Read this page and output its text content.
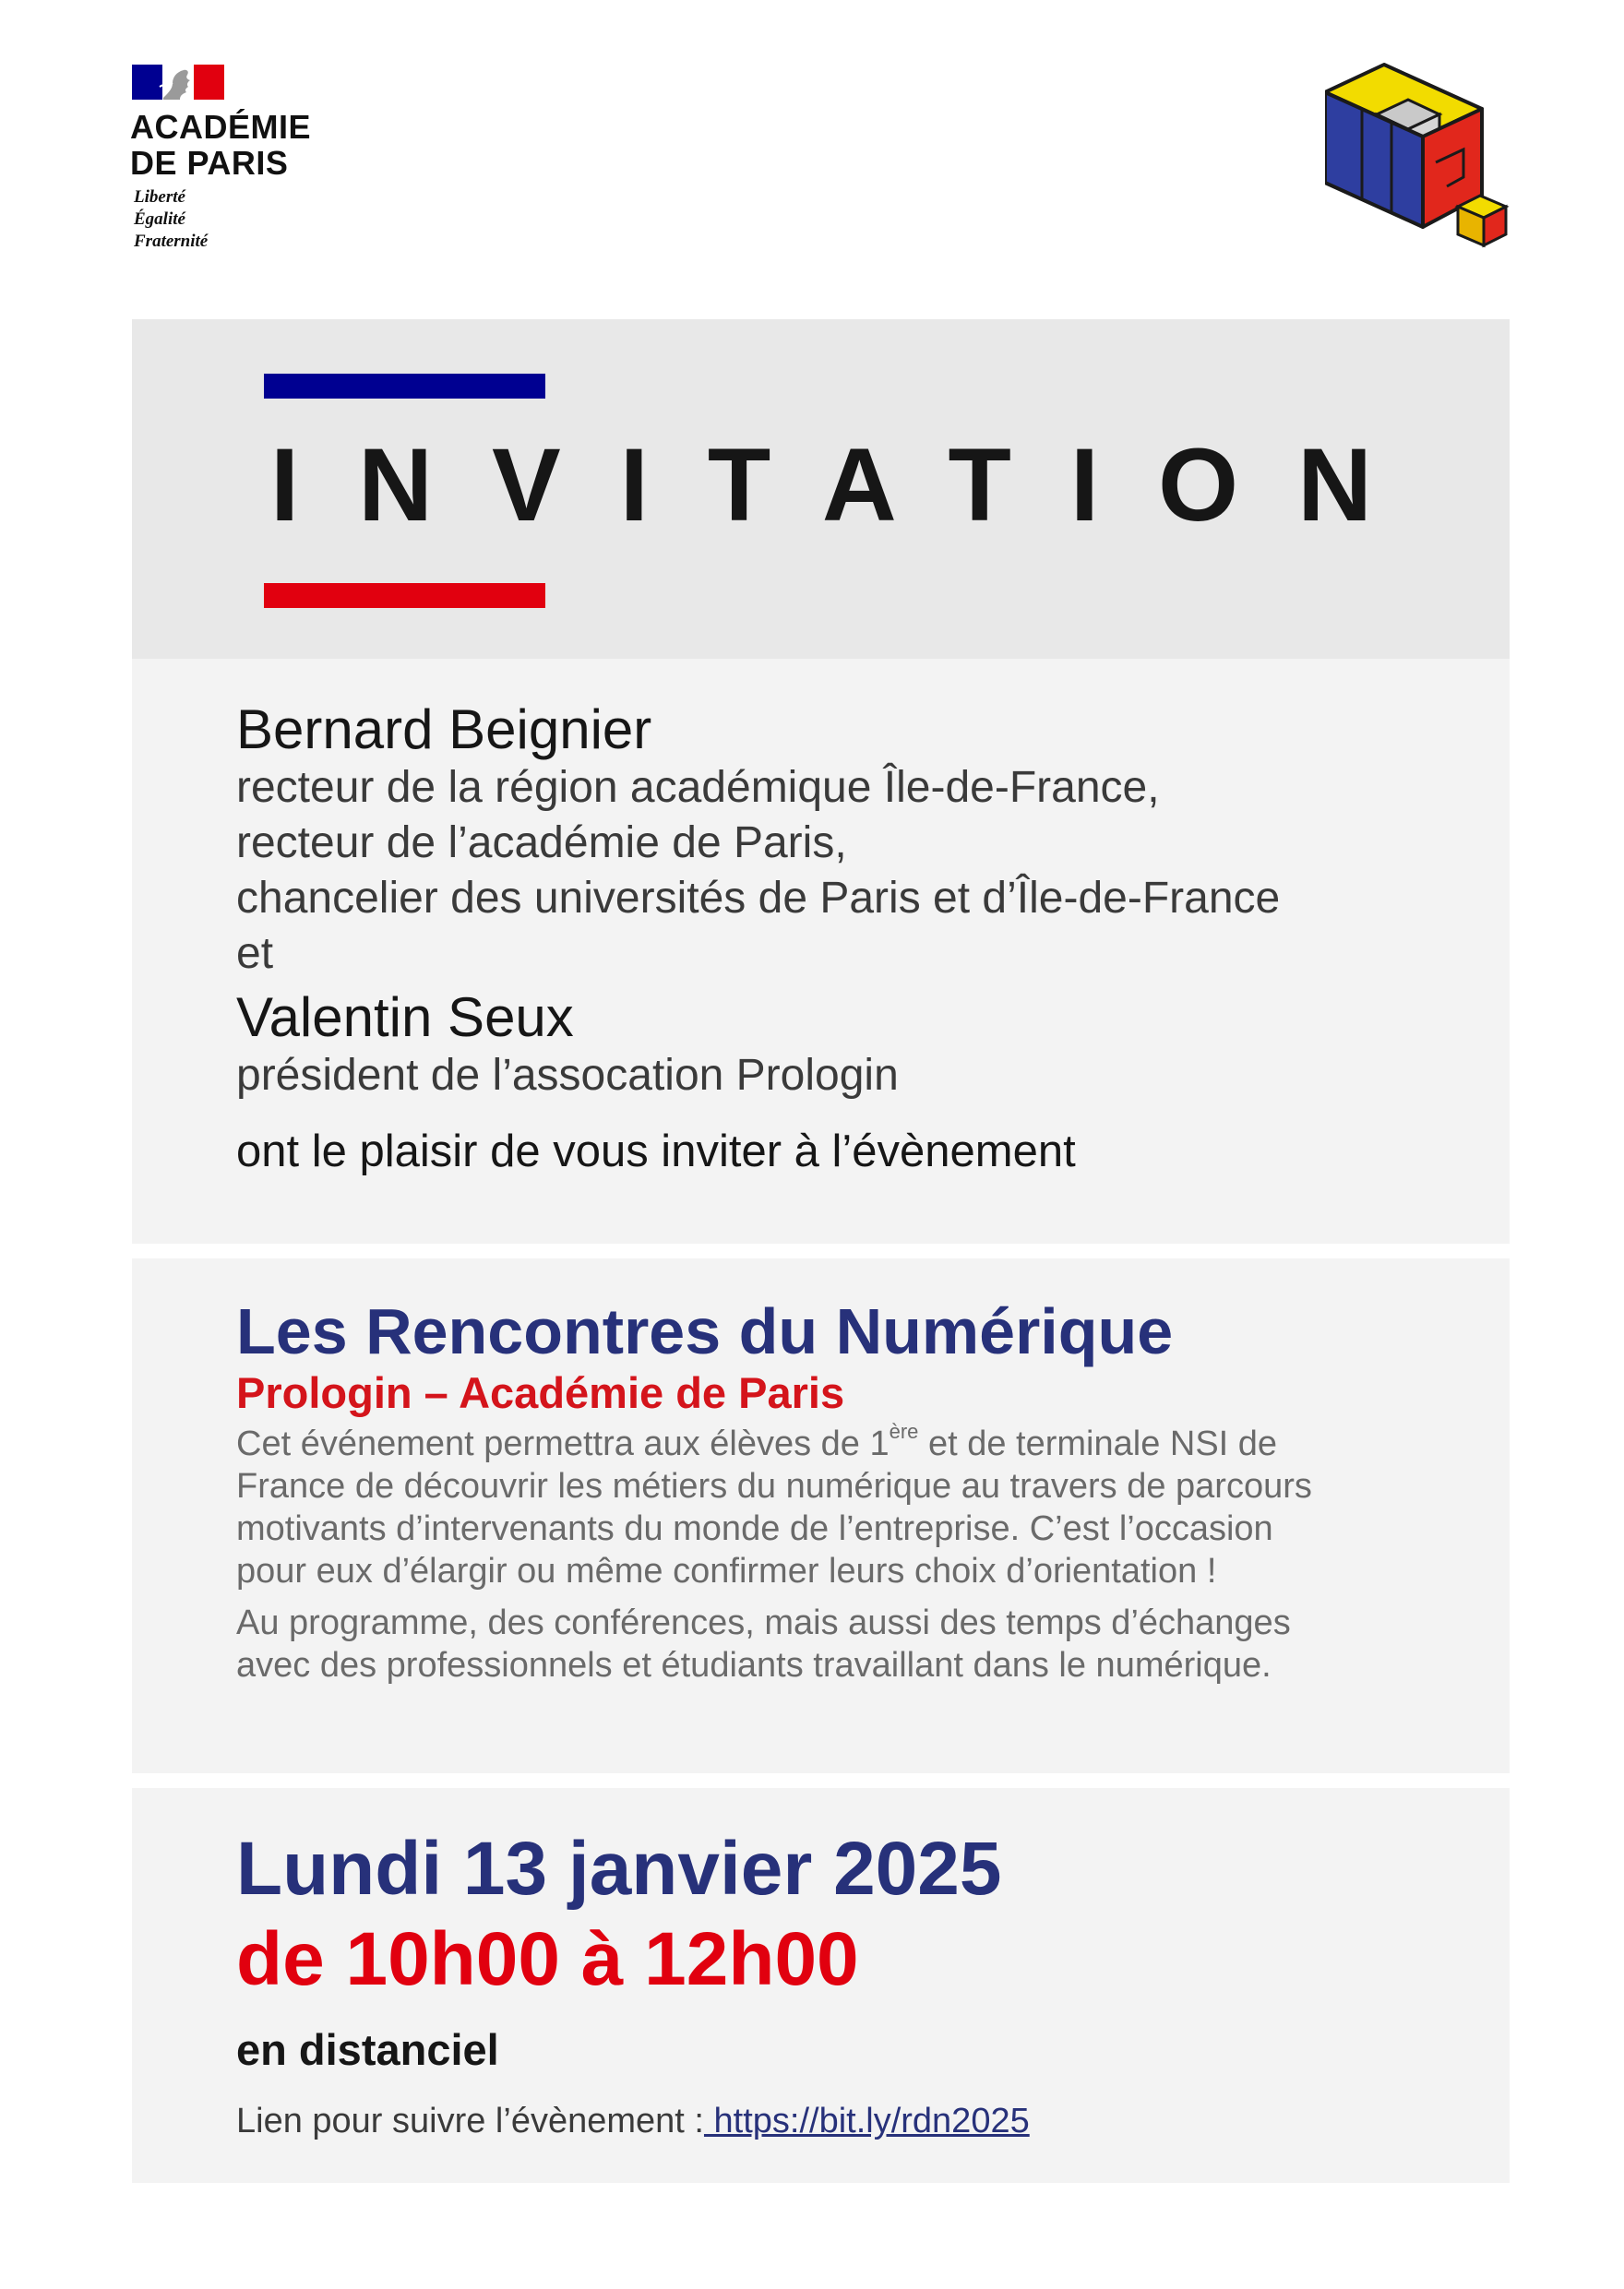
ACADÉMIE
DE PARIS
Liberté
Égalité
Fraternité
INVITATION
Bernard Beignier
recteur de la région académique Île-de-France,
recteur de l’académie de Paris,
chancelier des universités de Paris et d’Île-de-France
et
Valentin Seux
président de l’assocation Prologin
ont le plaisir de vous inviter à l’évènement
Les Rencontres du Numérique
Prologin – Académie de Paris
Cet événement permettra aux élèves de 1ère et de terminale NSI de
France de découvrir les métiers du numérique au travers de parcours
motivants d’intervenants du monde de l’entreprise. C’est l’occasion
pour eux d’élargir ou même confirmer leurs choix d’orientation !
Au programme, des conférences, mais aussi des temps d’échanges
avec des professionnels et étudiants travaillant dans le numérique.
Lundi 13 janvier 2025
de 10h00 à 12h00
en distanciel
Lien pour suivre l’évènement : https://bit.ly/rdn2025
